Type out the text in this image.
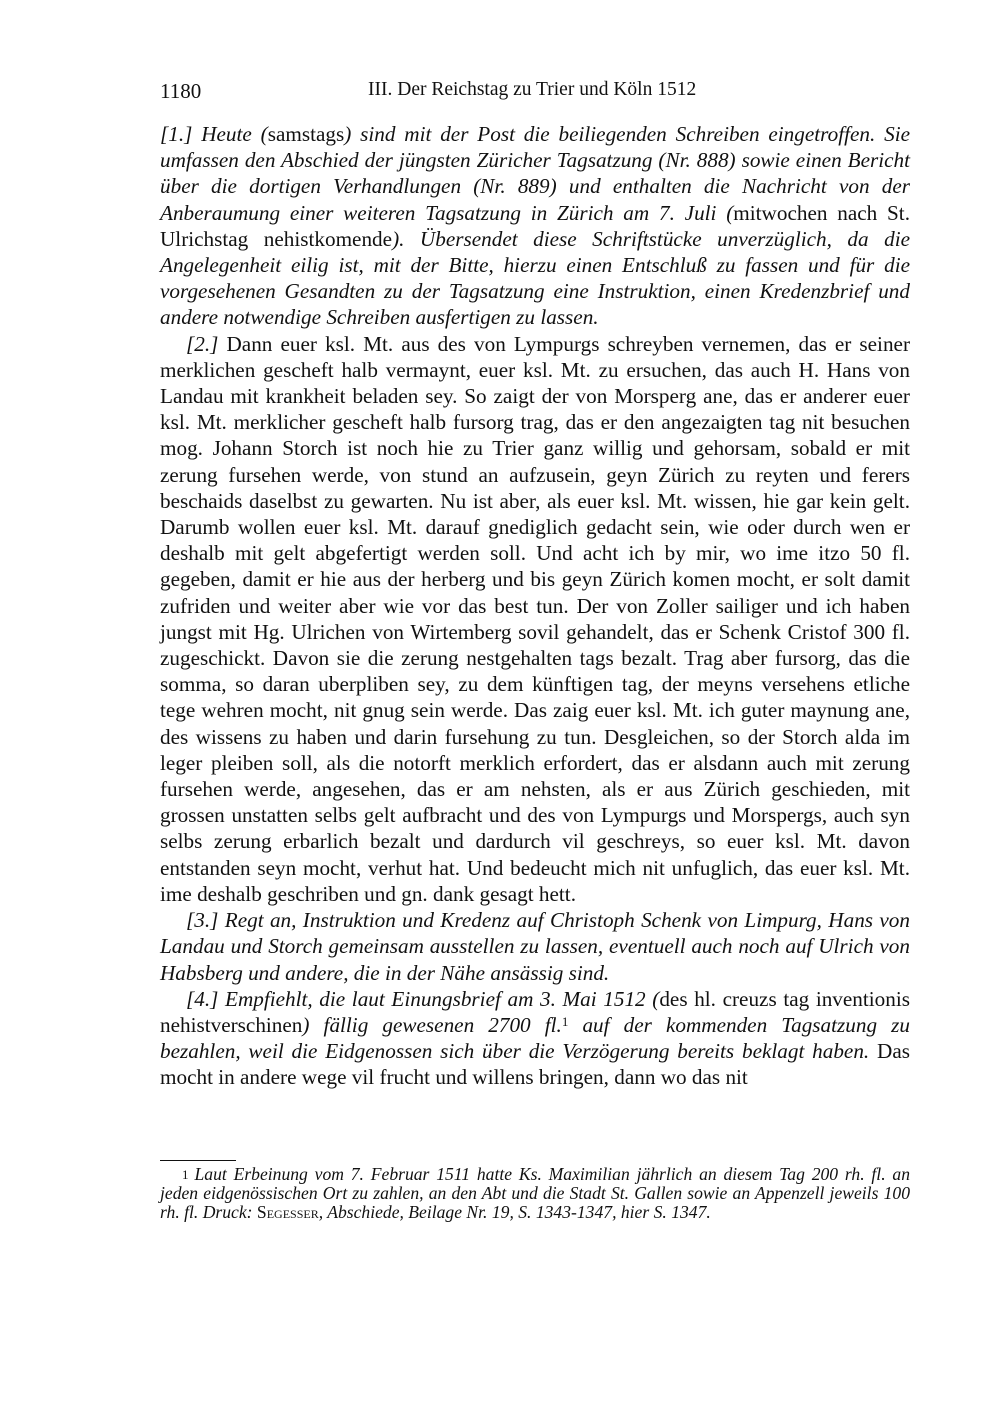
1180	III. Der Reichstag zu Trier und Köln 1512

[1.] Heute (samstags) sind mit der Post die beiliegenden Schreiben eingetroffen. Sie umfassen den Abschied der jüngsten Züricher Tagsatzung (Nr. 888) sowie einen Bericht über die dortigen Verhandlungen (Nr. 889) und enthalten die Nachricht von der Anberaumung einer weiteren Tagsatzung in Zürich am 7. Juli (mitwochen nach St. Ulrichstag nehistkomende). Übersendet diese Schriftstücke unverzüglich, da die Angelegenheit eilig ist, mit der Bitte, hierzu einen Entschluß zu fassen und für die vorgesehenen Gesandten zu der Tagsatzung eine Instruktion, einen Kredenzbrief und andere notwendige Schreiben ausfertigen zu lassen.

[2.] Dann euer ksl. Mt. aus des von Lympurgs schreyben vernemen, das er seiner merklichen gescheft halb vermaynt, euer ksl. Mt. zu ersuchen, das auch H. Hans von Landau mit krankheit beladen sey. So zaigt der von Morsperg ane, das er anderer euer ksl. Mt. merklicher gescheft halb fursorg trag, das er den angezaigten tag nit besuchen mog. Johann Storch ist noch hie zu Trier ganz willig und gehorsam, sobald er mit zerung fursehen werde, von stund an aufzusein, geyn Zürich zu reyten und ferers beschaids daselbst zu gewarten. Nu ist aber, als euer ksl. Mt. wissen, hie gar kein gelt. Darumb wollen euer ksl. Mt. darauf gnediglich gedacht sein, wie oder durch wen er deshalb mit gelt abgefertigt werden soll. Und acht ich by mir, wo ime itzo 50 fl. gegeben, damit er hie aus der herberg und bis geyn Zürich komen mocht, er solt damit zufriden und weiter aber wie vor das best tun. Der von Zoller sailiger und ich haben jungst mit Hg. Ulrichen von Wirtemberg sovil gehandelt, das er Schenk Cristof 300 fl. zugeschickt. Davon sie die zerung nestgehalten tags bezalt. Trag aber fursorg, das die somma, so daran uberpliben sey, zu dem künftigen tag, der meyns versehens etliche tege wehren mocht, nit gnug sein werde. Das zaig euer ksl. Mt. ich guter maynung ane, des wissens zu haben und darin fursehung zu tun. Desgleichen, so der Storch alda im leger pleiben soll, als die notorft merklich erfordert, das er alsdann auch mit zerung fursehen werde, angesehen, das er am nehsten, als er aus Zürich geschieden, mit grossen unstatten selbs gelt aufbracht und des von Lympurgs und Morspergs, auch syn selbs zerung erbarlich bezalt und dardurch vil geschreys, so euer ksl. Mt. davon entstanden seyn mocht, verhut hat. Und bedeucht mich nit unfuglich, das euer ksl. Mt. ime deshalb geschriben und gn. dank gesagt hett.

[3.] Regt an, Instruktion und Kredenz auf Christoph Schenk von Limpurg, Hans von Landau und Storch gemeinsam ausstellen zu lassen, eventuell auch noch auf Ulrich von Habsberg und andere, die in der Nähe ansässig sind.

[4.] Empfiehlt, die laut Einungsbrief am 3. Mai 1512 (des hl. creuzs tag inventionis nehistverschinen) fällig gewesenen 2700 fl.$^1$ auf der kommenden Tagsatzung zu bezahlen, weil die Eidgenossen sich über die Verzögerung bereits beklagt haben. Das mocht in andere wege vil frucht und willens bringen, dann wo das nit

$^1$ Laut Erbeinung vom 7. Februar 1511 hatte Ks. Maximilian jährlich an diesem Tag 200 rh. fl. an jeden eidgenössischen Ort zu zahlen, an den Abt und die Stadt St. Gallen sowie an Appenzell jeweils 100 rh. fl. Druck: Segesser, Abschiede, Beilage Nr. 19, S. 1343-1347, hier S. 1347.
